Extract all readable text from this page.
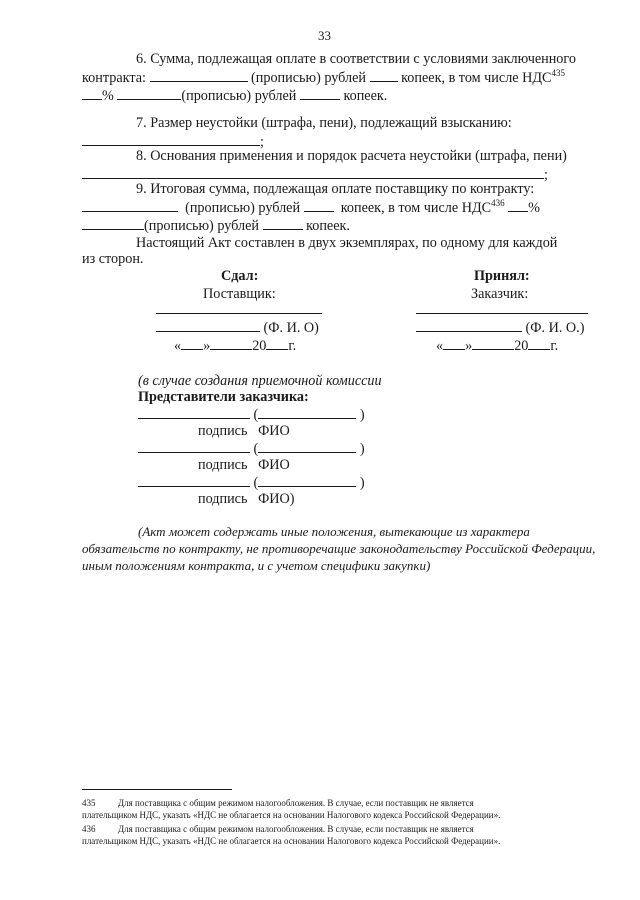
33
6. Сумма, подлежащая оплате в соответствии с условиями заключенного
контракта:	(прописью) рублей копеек, в том числе НДС$^{435}$
%	(прописью) рублей	копеек.
7. Размер неустойки (штрафа, пени), подлежащий взысканию:
;
8. Основания применения и порядок расчета неустойки (штрафа, пени)
;
9. Итоговая сумма, подлежащая оплате поставщику по контракту:
(прописью) рублей	копеек, в том числе НДС$^{436}$ %
(прописью) рублей	копеек.
Настоящий Акт составлен в двух экземплярах, по одному для каждой
из сторон.
Сдал:
Поставщик:
(Ф. И. О)
« »	20 г.
Принял:
Заказчик:
(Ф. И. О.)
« »	20 г.
(в случае создания приемочной комиссии
Представители заказчика:
(	)
подпись ФИО
(	)
подпись ФИО
(	)
подпись ФИО)
(Акт может содержать иные положения, вытекающие из характера
обязательств по контракту, не противоречащие законодательству Российской Федерации,
иным положениям контракта, и с учетом специфики закупки)
435	Для поставщика с общим режимом налогообложения. В случае, если поставщик не является
плательщиком НДС, указать «НДС не облагается на основании Налогового кодекса Российской Федерации».
436	Для поставщика с общим режимом налогообложения. В случае, если поставщик не является
плательщиком НДС, указать «НДС не облагается на основании Налогового кодекса Российской Федерации».
